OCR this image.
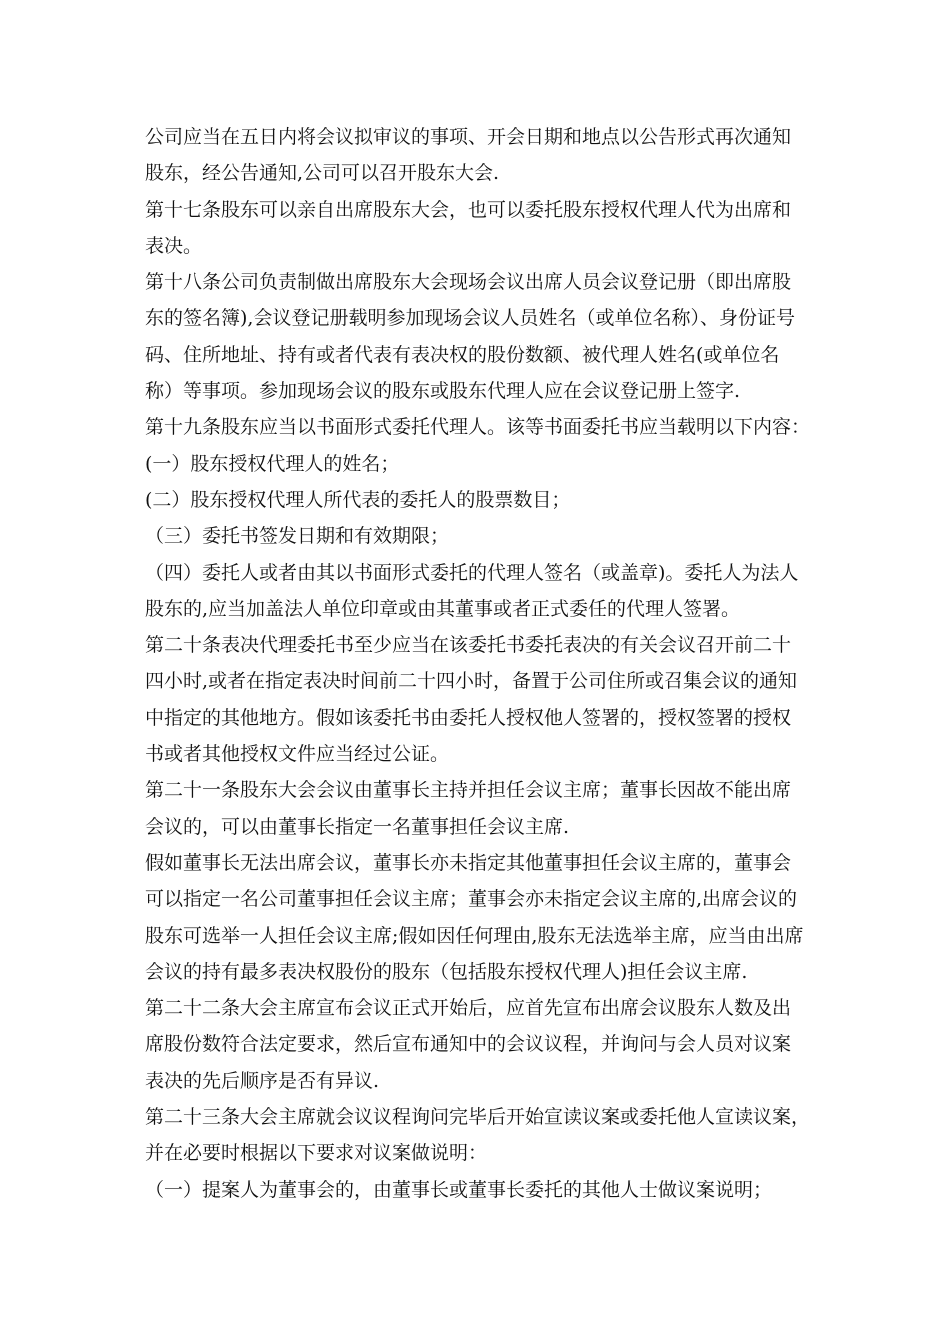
公司应当在五日内将会议拟审议的事项、开会日期和地点以公告形式再次通知
股东，经公告通知,公司可以召开股东大会.
第十七条股东可以亲自出席股东大会，也可以委托股东授权代理人代为出席和
表决。
第十八条公司负责制做出席股东大会现场会议出席人员会议登记册（即出席股
东的签名簿),会议登记册载明参加现场会议人员姓名（或单位名称）、身份证号
码、住所地址、持有或者代表有表决权的股份数额、被代理人姓名(或单位名
称）等事项。参加现场会议的股东或股东代理人应在会议登记册上签字.
第十九条股东应当以书面形式委托代理人。该等书面委托书应当载明以下内容：
(一）股东授权代理人的姓名；
(二）股东授权代理人所代表的委托人的股票数目；
（三）委托书签发日期和有效期限；
（四）委托人或者由其以书面形式委托的代理人签名（或盖章)。委托人为法人
股东的,应当加盖法人单位印章或由其董事或者正式委任的代理人签署。
第二十条表决代理委托书至少应当在该委托书委托表决的有关会议召开前二十
四小时,或者在指定表决时间前二十四小时，备置于公司住所或召集会议的通知
中指定的其他地方。假如该委托书由委托人授权他人签署的，授权签署的授权
书或者其他授权文件应当经过公证。
第二十一条股东大会会议由董事长主持并担任会议主席；董事长因故不能出席
会议的，可以由董事长指定一名董事担任会议主席.
假如董事长无法出席会议，董事长亦未指定其他董事担任会议主席的，董事会
可以指定一名公司董事担任会议主席；董事会亦未指定会议主席的,出席会议的
股东可选举一人担任会议主席;假如因任何理由,股东无法选举主席，应当由出席
会议的持有最多表决权股份的股东（包括股东授权代理人)担任会议主席.
第二十二条大会主席宣布会议正式开始后，应首先宣布出席会议股东人数及出
席股份数符合法定要求，然后宣布通知中的会议议程，并询问与会人员对议案
表决的先后顺序是否有异议.
第二十三条大会主席就会议议程询问完毕后开始宣读议案或委托他人宣读议案，
并在必要时根据以下要求对议案做说明：
（一）提案人为董事会的，由董事长或董事长委托的其他人士做议案说明；
